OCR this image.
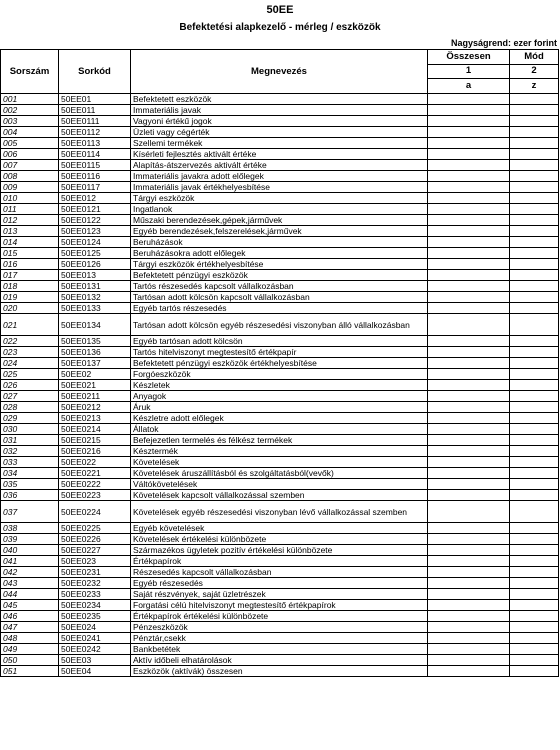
50EE
Befektetési alapkezelő - mérleg / eszközök
Nagyságrend: ezer forint
Sorszám	Sorkód	Megnevezés	Összesen	Mód
			1	2
			a	z
001	50EE01	Befektetett eszközök		
002	50EE011	Immateriális javak		
003	50EE0111	Vagyoni értékű jogok		
004	50EE0112	Üzleti vagy cégérték		
005	50EE0113	Szellemi termékek		
006	50EE0114	Kísérleti fejlesztés aktivált értéke		
007	50EE0115	Alapítás-átszervezés aktivált értéke		
008	50EE0116	Immateriális javakra adott előlegek		
009	50EE0117	Immateriális javak értékhelyesbítése		
010	50EE012	Tárgyi eszközök		
011	50EE0121	Ingatlanok		
012	50EE0122	Műszaki berendezések,gépek,járművek		
013	50EE0123	Egyéb berendezések,felszerelések,járművek		
014	50EE0124	Beruházások		
015	50EE0125	Beruházásokra adott előlegek		
016	50EE0126	Tárgyi eszközök értékhelyesbítése		
017	50EE013	Befektetett pénzügyi eszközök		
018	50EE0131	Tartós részesedés kapcsolt vállalkozásban		
019	50EE0132	Tartósan adott kölcsön kapcsolt vállalkozásban		
020	50EE0133	Egyéb tartós részesedés		
021	50EE0134	Tartósan adott kölcsön egyéb részesedési viszonyban álló vállalkozásban		
022	50EE0135	Egyéb tartósan adott kölcsön		
023	50EE0136	Tartós hitelviszonyt megtestesítő értékpapír		
024	50EE0137	Befektetett pénzügyi eszközök értékhelyesbítése		
025	50EE02	Forgóeszközök		
026	50EE021	Készletek		
027	50EE0211	Anyagok		
028	50EE0212	Áruk		
029	50EE0213	Készletre adott előlegek		
030	50EE0214	Állatok		
031	50EE0215	Befejezetlen termelés és félkész termékek		
032	50EE0216	Késztermék		
033	50EE022	Követelések		
034	50EE0221	Követelések áruszállításból és szolgáltatásból(vevők)		
035	50EE0222	Váltókövetelések		
036	50EE0223	Követelések kapcsolt vállalkozással szemben		
037	50EE0224	Követelések egyéb részesedési viszonyban lévő vállalkozással szemben		
038	50EE0225	Egyéb követelések		
039	50EE0226	Követelések értékelési különbözete		
040	50EE0227	Származékos ügyletek pozitív értékelési különbözete		
041	50EE023	Értékpapírok		
042	50EE0231	Részesedés kapcsolt vállalkozásban		
043	50EE0232	Egyéb részesedés		
044	50EE0233	Saját részvények, saját üzletrészek		
045	50EE0234	Forgatási célú hitelviszonyt megtestesítő értékpapírok		
046	50EE0235	Értékpapírok értékelési különbözete		
047	50EE024	Pénzeszközök		
048	50EE0241	Pénztár,csekk		
049	50EE0242	Bankbetétek		
050	50EE03	Aktív időbeli elhatárolások		
051	50EE04	Eszközök (aktívák) összesen		
